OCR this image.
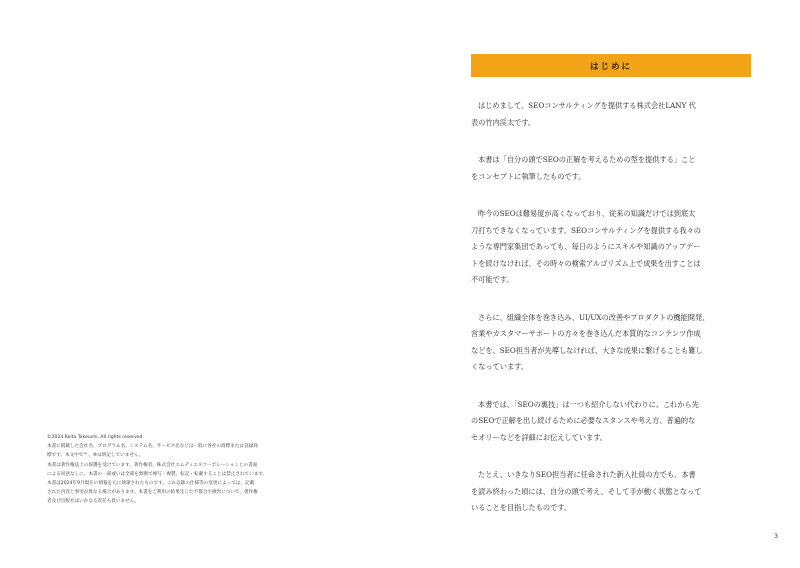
©2024 Keita Takeuchi, All rights reserved.

本書に掲載した会社名、プログラム名、システム名、サービス名などは一般に各社の商標または登録商

標です。本文中で™、®は明記していません。

本書は著作権法上の保護を受けています。著作権者、株式会社エムディエヌコーポレーションとの書面

による同意なしに、本書の一部或いは全部を無断で複写・複製、転記・転載することは禁止されています。

本書は2024年9月現在の情報を元に執筆されたものです。これ以降の仕様等の変更によっては、記載

された内容と事実が異なる場合があります。本書をご利用の結果生じた不都合や損害について、著作権

者及び出版社はいかなる責任も負いません。

はじめに

はじめまして。SEOコンサルティングを提供する株式会社LANY 代
表の竹内渓太です。

本書は「自分の頭でSEOの正解を考えるための型を提供する」こと
をコンセプトに執筆したものです。

昨今のSEOは難易度が高くなっており、従来の知識だけでは到底太
刀打ちできなくなっています。SEOコンサルティングを提供する我々の
ような専門家集団であっても、毎日のようにスキルや知識のアップデー
トを続けなければ、その時々の検索アルゴリズム上で成果を出すことは
不可能です。

さらに、組織全体を巻き込み、UI/UXの改善やプロダクトの機能開発、
営業やカスタマーサポートの方々を巻き込んだ本質的なコンテンツ作成
などを、SEO担当者が先導しなければ、大きな成果に繋げることも難し
くなっています。

本書では、「SEOの裏技」は一つも紹介しない代わりに、これから先
のSEOで正解を出し続けるために必要なスタンスや考え方、普遍的な
セオリーなどを詳細にお伝えしています。

たとえ、いきなりSEO担当者に任命された新入社員の方でも、本書
を読み終わった頃には、自分の頭で考え、そして手が動く状態となって
いることを目指したものです。

3
